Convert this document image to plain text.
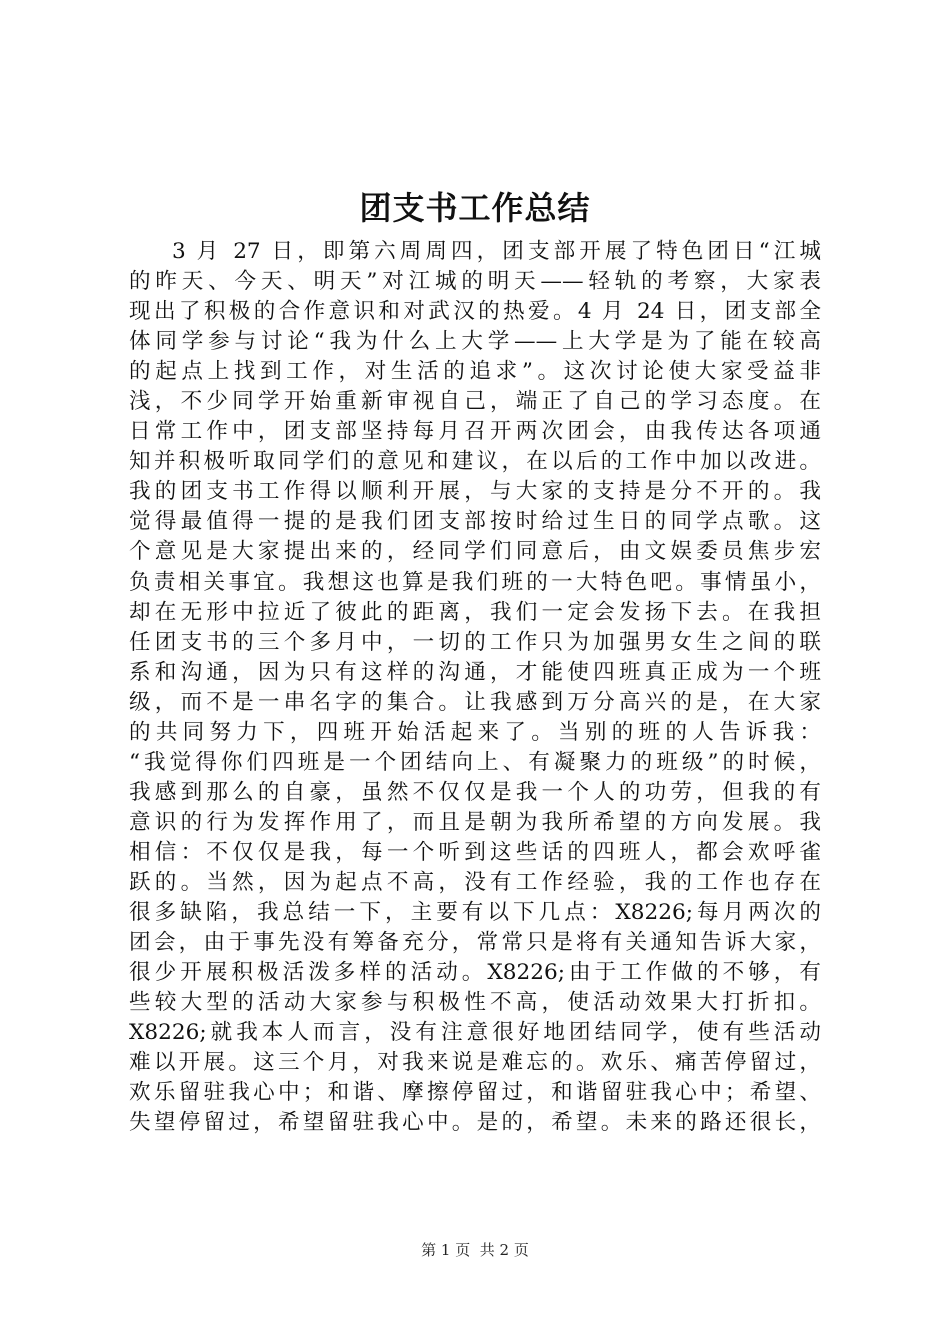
团支书工作总结
3 月 27 日，即第六周周四，团支部开展了特色团日“江城
的昨天、今天、明天”对江城的明天——轻轨的考察，大家表
现出了积极的合作意识和对武汉的热爱。4 月 24 日，团支部全
体同学参与讨论“我为什么上大学——上大学是为了能在较高
的起点上找到工作，对生活的追求”。这次讨论使大家受益非
浅，不少同学开始重新审视自己，端正了自己的学习态度。在
日常工作中，团支部坚持每月召开两次团会，由我传达各项通
知并积极听取同学们的意见和建议，在以后的工作中加以改进。
我的团支书工作得以顺利开展，与大家的支持是分不开的。我
觉得最值得一提的是我们团支部按时给过生日的同学点歌。这
个意见是大家提出来的，经同学们同意后，由文娱委员焦步宏
负责相关事宜。我想这也算是我们班的一大特色吧。事情虽小，
却在无形中拉近了彼此的距离，我们一定会发扬下去。在我担
任团支书的三个多月中，一切的工作只为加强男女生之间的联
系和沟通，因为只有这样的沟通，才能使四班真正成为一个班
级，而不是一串名字的集合。让我感到万分高兴的是，在大家
的共同努力下，四班开始活起来了。当别的班的人告诉我：
“我觉得你们四班是一个团结向上、有凝聚力的班级”的时候，
我感到那么的自豪，虽然不仅仅是我一个人的功劳，但我的有
意识的行为发挥作用了，而且是朝为我所希望的方向发展。我
相信：不仅仅是我，每一个听到这些话的四班人，都会欢呼雀
跃的。当然，因为起点不高，没有工作经验，我的工作也存在
很多缺陷，我总结一下，主要有以下几点：X8226;每月两次的
团会，由于事先没有筹备充分，常常只是将有关通知告诉大家，
很少开展积极活泼多样的活动。X8226;由于工作做的不够，有
些较大型的活动大家参与积极性不高，使活动效果大打折扣。
X8226;就我本人而言，没有注意很好地团结同学，使有些活动
难以开展。这三个月，对我来说是难忘的。欢乐、痛苦停留过，
欢乐留驻我心中；和谐、摩擦停留过，和谐留驻我心中；希望、
失望停留过，希望留驻我心中。是的，希望。未来的路还很长，
第 1 页  共 2 页
